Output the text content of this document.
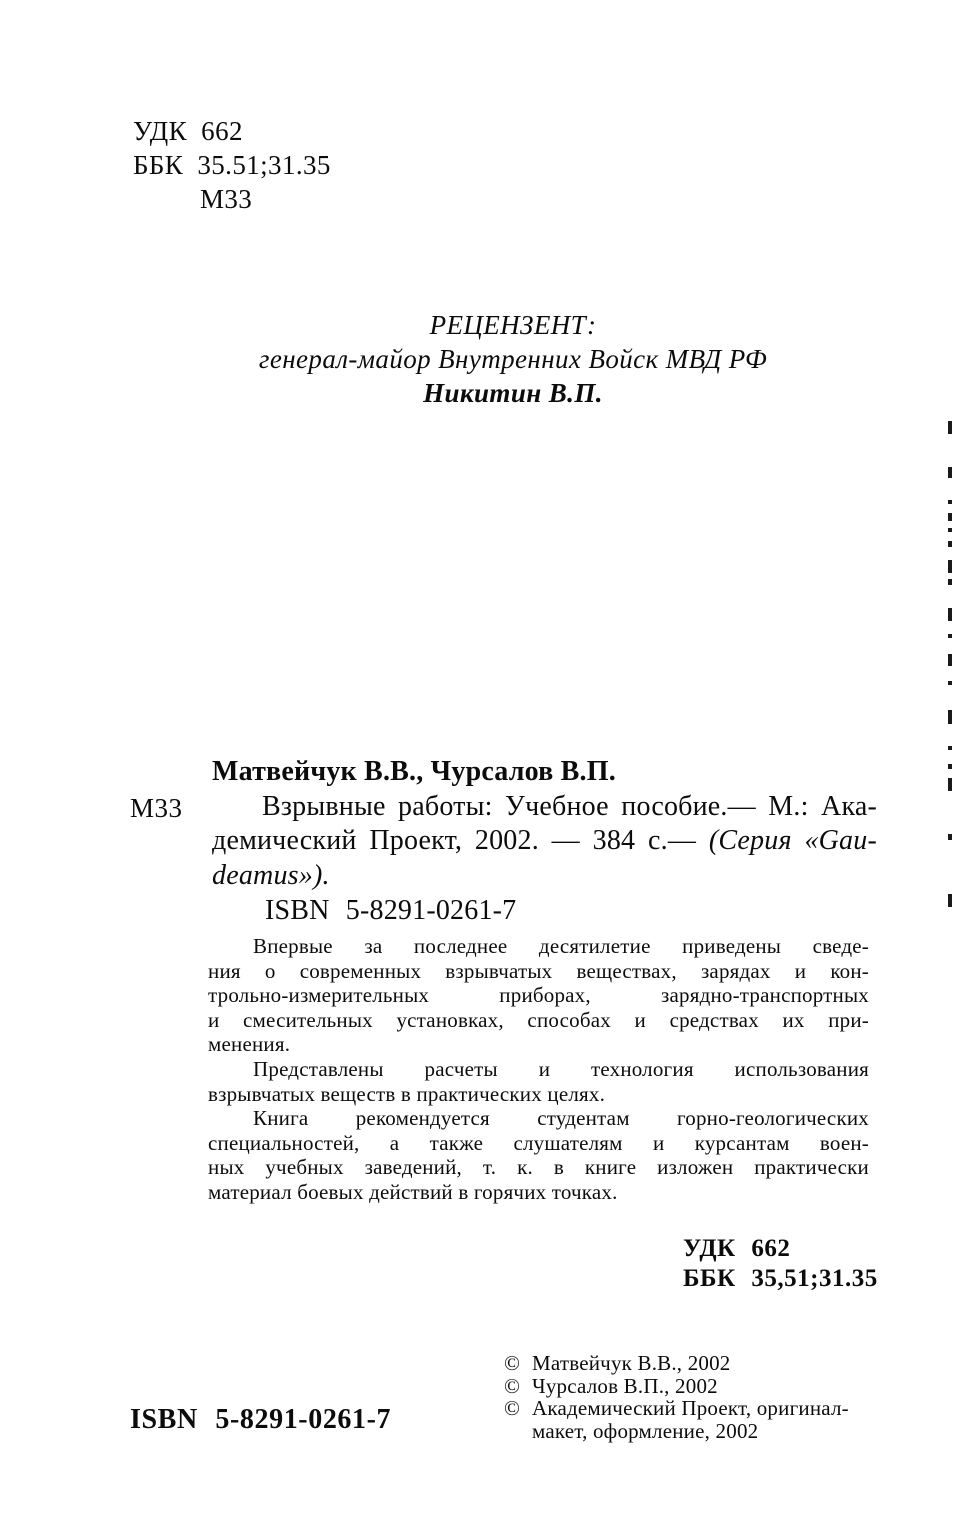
УДК 662
ББК 35.51;31.35
М33
РЕЦЕНЗЕНТ:
генерал-майор Внутренних Войск МВД РФ
Никитин В.П.
Матвейчук В.В., Чурсалов В.П.
М33	Взрывные работы: Учебное пособие.— М.: Ака-
демический Проект, 2002. — 384 с.— (Серия «Gau-
deamus»).
ISBN 5-8291-0261-7
Впервые за последнее десятилетие приведены сведе-
ния о современных взрывчатых веществах, зарядах и кон-
трольно-измерительных приборах, зарядно-транспортных
и смесительных установках, способах и средствах их при-
менения.
Представлены расчеты и технология использования
взрывчатых веществ в практических целях.
Книга рекомендуется студентам горно-геологических
специальностей, а также слушателям и курсантам воен-
ных учебных заведений, т. к. в книге изложен практически
материал боевых действий в горячих точках.
УДК 662
ББК 35,51;31.35
© Матвейчук В.В., 2002
© Чурсалов В.П., 2002
© Академический Проект, оригинал-
макет, оформление, 2002
ISBN 5-8291-0261-7
